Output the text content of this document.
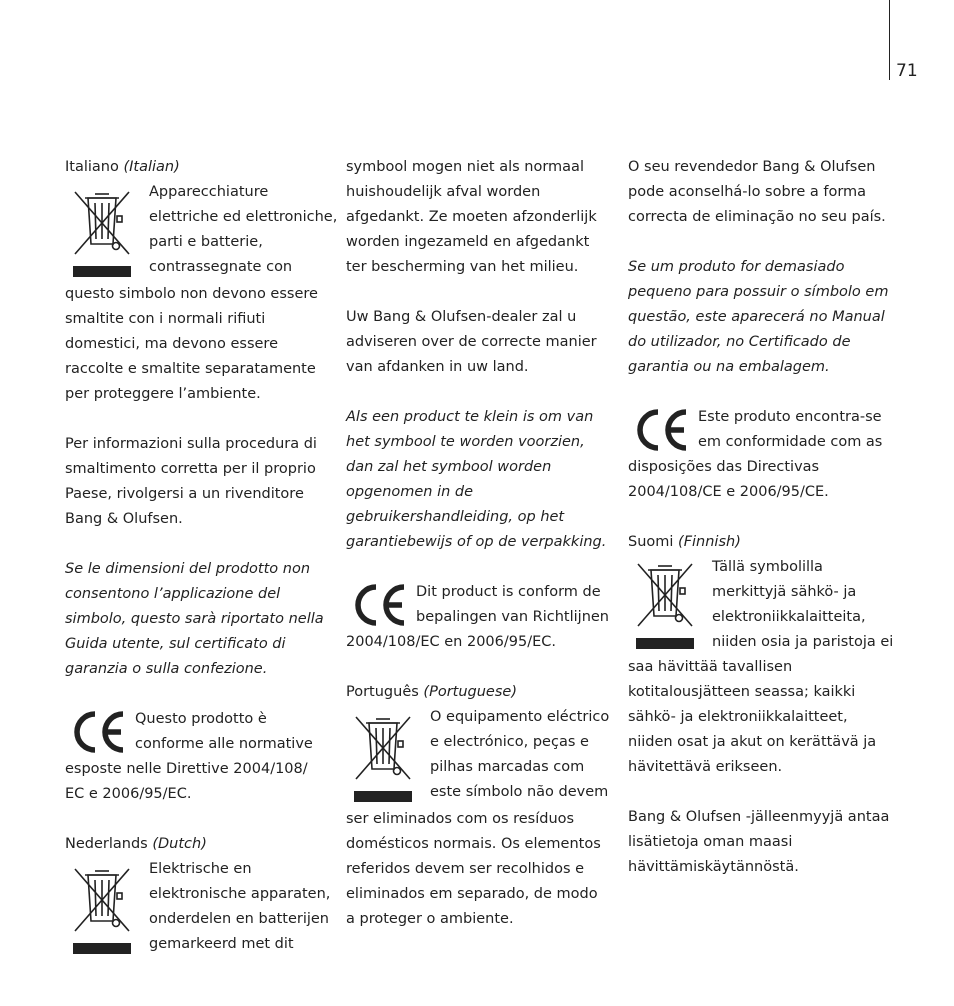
71

Italiano (Italian)

Apparecchiature

elettriche ed elettroniche,

parti e batterie,

contrassegnate con

questo simbolo non devono essere

smaltite con i normali rifiuti

domestici, ma devono essere

raccolte e smaltite separatamente

per proteggere l’ambiente.

Per informazioni sulla procedura di

smaltimento corretta per il proprio

Paese, rivolgersi a un rivenditore

Bang & Olufsen.

Se le dimensioni del prodotto non

consentono l’applicazione del

simbolo, questo sarà riportato nella

Guida utente, sul certificato di

garanzia o sulla confezione.

Questo prodotto è

conforme alle normative

esposte nelle Direttive 2004/108/

EC e 2006/95/EC.

Nederlands (Dutch)

Elektrische en

elektronische apparaten,

onderdelen en batterijen

gemarkeerd met dit

symbool mogen niet als normaal

huishoudelijk afval worden

afgedankt. Ze moeten afzonderlijk

worden ingezameld en afgedankt

ter bescherming van het milieu.

Uw Bang & Olufsen-dealer zal u

adviseren over de correcte manier

van afdanken in uw land.

Als een product te klein is om van

het symbool te worden voorzien,

dan zal het symbool worden

opgenomen in de

gebruikershandleiding, op het

garantiebewijs of op de verpakking.

Dit product is conform de

bepalingen van Richtlijnen

2004/108/EC en 2006/95/EC.

Português (Portuguese)

O equipamento eléctrico

e electrónico, peças e

pilhas marcadas com

este símbolo não devem

ser eliminados com os resíduos

domésticos normais. Os elementos

referidos devem ser recolhidos e

eliminados em separado, de modo

a proteger o ambiente.

O seu revendedor Bang & Olufsen

pode aconselhá-lo sobre a forma

correcta de eliminação no seu país.

Se um produto for demasiado

pequeno para possuir o símbolo em

questão, este aparecerá no Manual

do utilizador, no Certificado de

garantia ou na embalagem.

Este produto encontra-se

em conformidade com as

disposições das Directivas

2004/108/CE e 2006/95/CE.

Suomi (Finnish)

Tällä symbolilla

merkittyjä sähkö- ja

elektroniikkalaitteita,

niiden osia ja paristoja ei

saa hävittää tavallisen

kotitalousjätteen seassa; kaikki

sähkö- ja elektroniikkalaitteet,

niiden osat ja akut on kerättävä ja

hävitettävä erikseen.

Bang & Olufsen -jälleenmyyjä antaa

lisätietoja oman maasi

hävittämiskäytännöstä.
